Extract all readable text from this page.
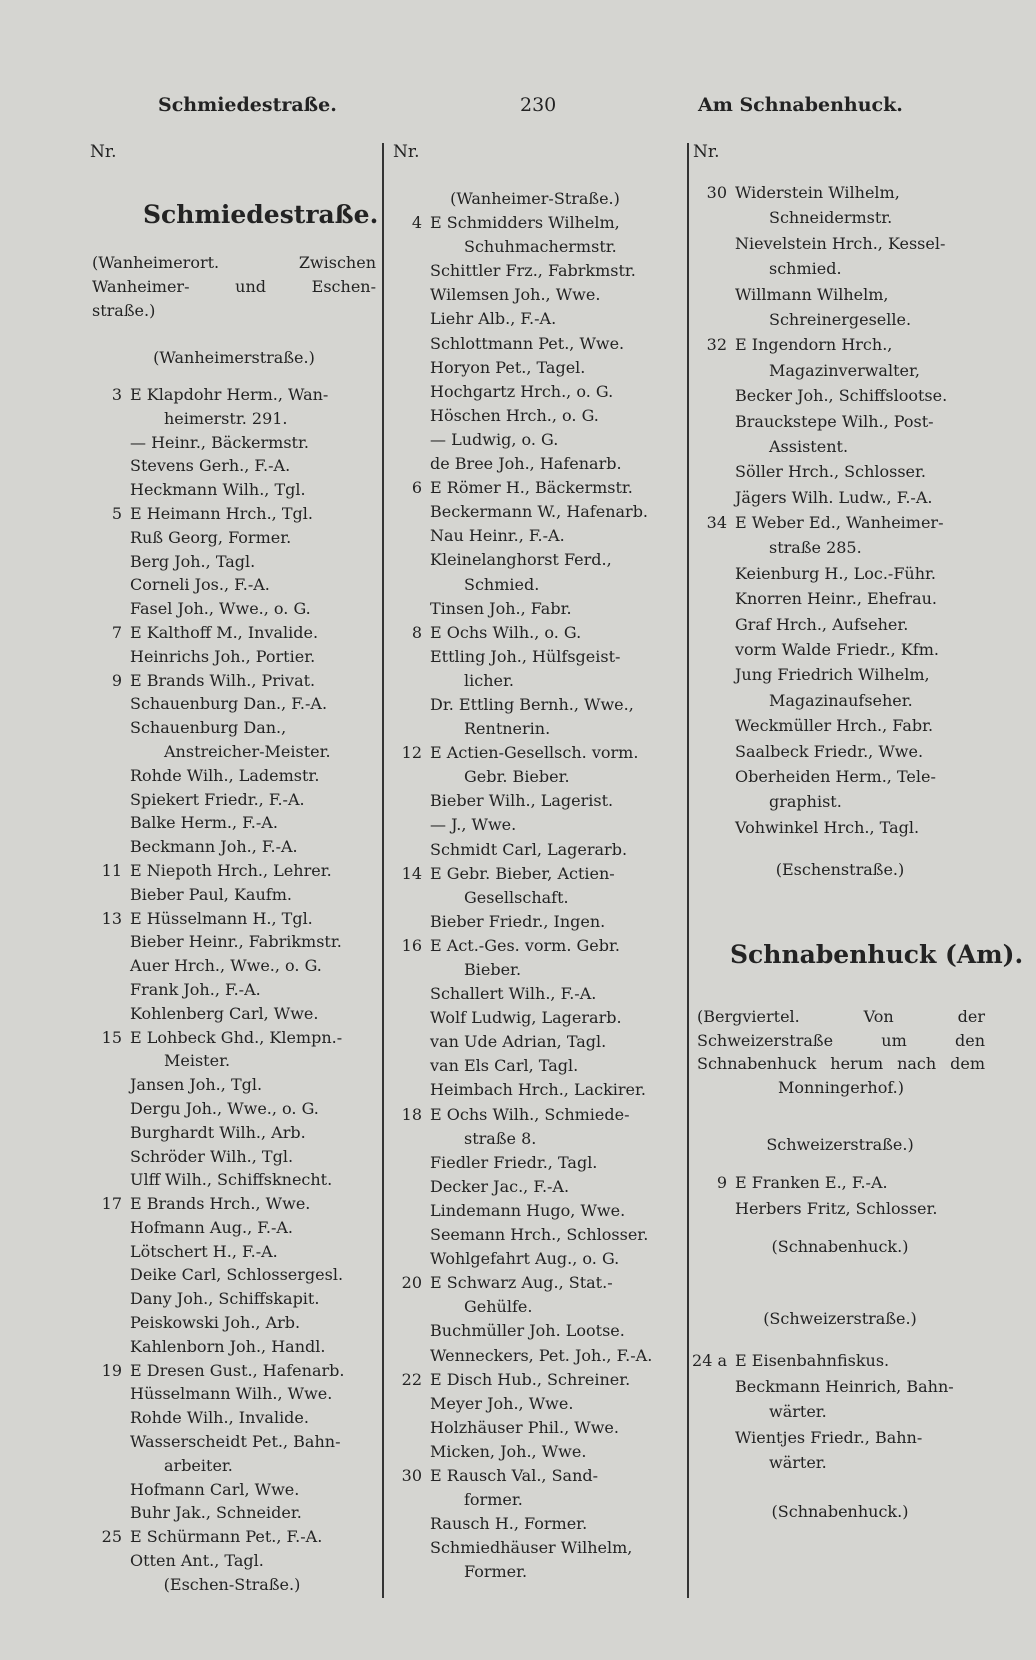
Schmiedestraße.	230	Am Schnabenhuck.
Nr.	Nr.	Nr.
Schmiedestraße.
(Wanheimerort. Zwischen
Wanheimer- und Eschen-
straße.)
(Wanheimerstraße.)
3 E Klapdohr Herm., Wan-
heimerstr. 291.
— Heinr., Bäckermstr.
Stevens Gerh., F.-A.
Heckmann Wilh., Tgl.
5 E Heimann Hrch., Tgl.
Ruß Georg, Former.
Berg Joh., Tagl.
Corneli Jos., F.-A.
Fasel Joh., Wwe., o. G.
7 E Kalthoff M., Invalide.
Heinrichs Joh., Portier.
9 E Brands Wilh., Privat.
Schauenburg Dan., F.-A.
Schauenburg Dan.,
Anstreicher-Meister.
Rohde Wilh., Lademstr.
Spiekert Friedr., F.-A.
Balke Herm., F.-A.
Beckmann Joh., F.-A.
11 E Niepoth Hrch., Lehrer.
Bieber Paul, Kaufm.
13 E Hüsselmann H., Tgl.
Bieber Heinr., Fabrikmstr.
Auer Hrch., Wwe., o. G.
Frank Joh., F.-A.
Kohlenberg Carl, Wwe.
15 E Lohbeck Ghd., Klempn.-
Meister.
Jansen Joh., Tgl.
Dergu Joh., Wwe., o. G.
Burghardt Wilh., Arb.
Schröder Wilh., Tgl.
Ulff Wilh., Schiffsknecht.
17 E Brands Hrch., Wwe.
Hofmann Aug., F.-A.
Lötschert H., F.-A.
Deike Carl, Schlossergesl.
Dany Joh., Schiffskapit.
Peiskowski Joh., Arb.
Kahlenborn Joh., Handl.
19 E Dresen Gust., Hafenarb.
Hüsselmann Wilh., Wwe.
Rohde Wilh., Invalide.
Wasserscheidt Pet., Bahn-
arbeiter.
Hofmann Carl, Wwe.
Buhr Jak., Schneider.
25 E Schürmann Pet., F.-A.
Otten Ant., Tagl.
(Eschen-Straße.)
(Wanheimer-Straße.)
4 E Schmidders Wilhelm,
Schuhmachermstr.
Schittler Frz., Fabrkmstr.
Wilemsen Joh., Wwe.
Liehr Alb., F.-A.
Schlottmann Pet., Wwe.
Horyon Pet., Tagel.
Hochgartz Hrch., o. G.
Höschen Hrch., o. G.
— Ludwig, o. G.
de Bree Joh., Hafenarb.
6 E Römer H., Bäckermstr.
Beckermann W., Hafenarb.
Nau Heinr., F.-A.
Kleinelanghorst Ferd.,
Schmied.
Tinsen Joh., Fabr.
8 E Ochs Wilh., o. G.
Ettling Joh., Hülfsgeist-
licher.
Dr. Ettling Bernh., Wwe.,
Rentnerin.
12 E Actien-Gesellsch. vorm.
Gebr. Bieber.
Bieber Wilh., Lagerist.
— J., Wwe.
Schmidt Carl, Lagerarb.
14 E Gebr. Bieber, Actien-
Gesellschaft.
Bieber Friedr., Ingen.
16 E Act.-Ges. vorm. Gebr.
Bieber.
Schallert Wilh., F.-A.
Wolf Ludwig, Lagerarb.
van Ude Adrian, Tagl.
van Els Carl, Tagl.
Heimbach Hrch., Lackirer.
18 E Ochs Wilh., Schmiede-
straße 8.
Fiedler Friedr., Tagl.
Decker Jac., F.-A.
Lindemann Hugo, Wwe.
Seemann Hrch., Schlosser.
Wohlgefahrt Aug., o. G.
20 E Schwarz Aug., Stat.-
Gehülfe.
Buchmüller Joh. Lootse.
Wenneckers, Pet. Joh., F.-A.
22 E Disch Hub., Schreiner.
Meyer Joh., Wwe.
Holzhäuser Phil., Wwe.
Micken, Joh., Wwe.
30 E Rausch Val., Sand-
former.
Rausch H., Former.
Schmiedhäuser Wilhelm,
Former.
30 Widerstein Wilhelm,
Schneidermstr.
Nievelstein Hrch., Kessel-
schmied.
Willmann Wilhelm,
Schreinergeselle.
32 E Ingendorn Hrch.,
Magazinverwalter,
Becker Joh., Schiffslootse.
Brauckstepe Wilh., Post-
Assistent.
Söller Hrch., Schlosser.
Jägers Wilh. Ludw., F.-A.
34 E Weber Ed., Wanheimer-
straße 285.
Keienburg H., Loc.-Führ.
Knorren Heinr., Ehefrau.
Graf Hrch., Aufseher.
vorm Walde Friedr., Kfm.
Jung Friedrich Wilhelm,
Magazinaufseher.
Weckmüller Hrch., Fabr.
Saalbeck Friedr., Wwe.
Oberheiden Herm., Tele-
graphist.
Vohwinkel Hrch., Tagl.
(Eschenstraße.)
Schnabenhuck (Am).
(Bergviertel. Von der
Schweizerstraße um den
Schnabenhuck herum nach dem
Monningerhof.)
Schweizerstraße.)
9 E Franken E., F.-A.
Herbers Fritz, Schlosser.
(Schnabenhuck.)
(Schweizerstraße.)
24 a E Eisenbahnfiskus.
Beckmann Heinrich, Bahn-
wärter.
Wientjes Friedr., Bahn-
wärter.
(Schnabenhuck.)
